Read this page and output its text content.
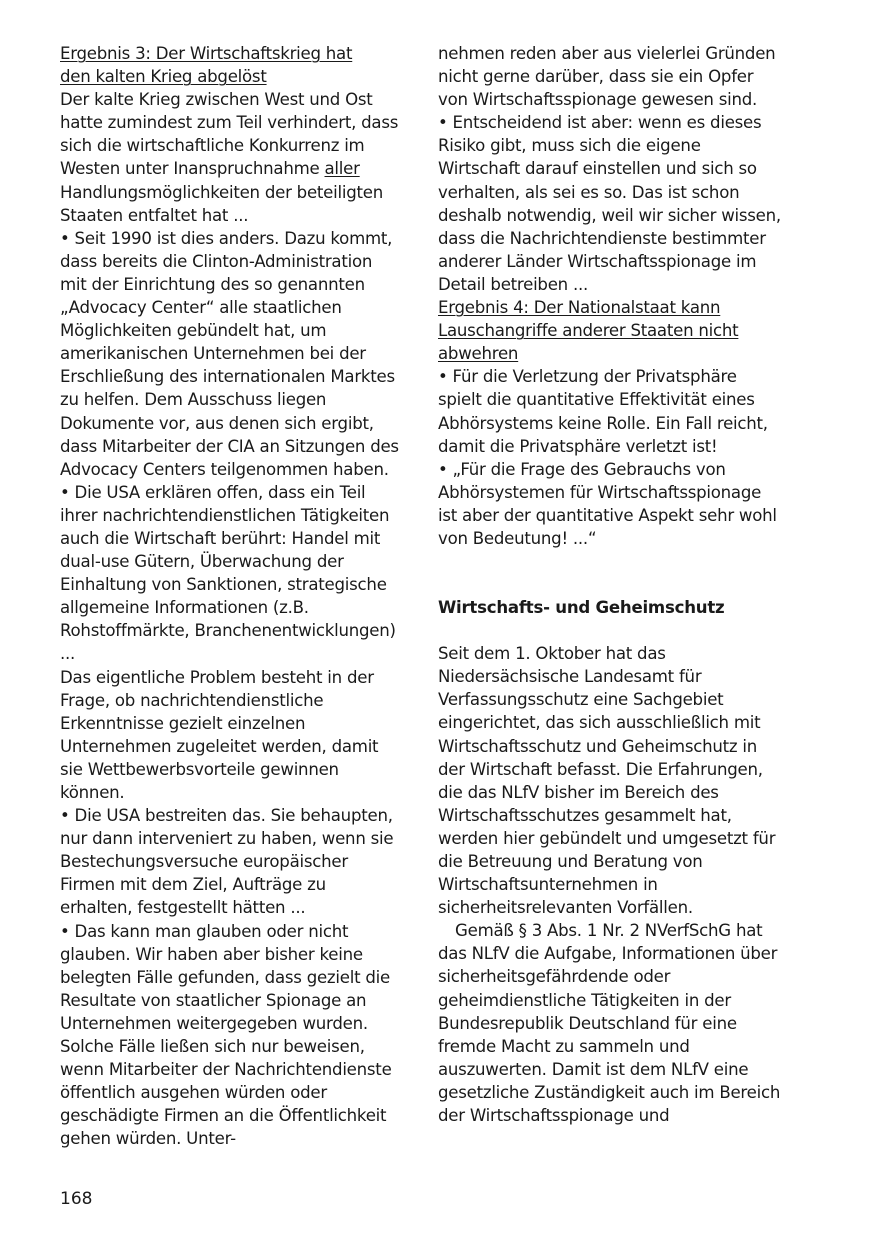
Ergebnis 3: Der Wirtschaftskrieg hat
den kalten Krieg abgelöst

Der kalte Krieg zwischen West und Ost hatte zumindest zum Teil verhindert, dass sich die wirtschaftliche Konkurrenz im Westen unter Inanspruchnahme aller Handlungsmöglichkeiten der beteiligten Staaten entfaltet hat ...

• Seit 1990 ist dies anders. Dazu kommt, dass bereits die Clinton-Administration mit der Einrichtung des so genannten „Advocacy Center“ alle staatlichen Möglichkeiten gebündelt hat, um amerikanischen Unternehmen bei der Erschließung des internationalen Marktes zu helfen. Dem Ausschuss liegen Dokumente vor, aus denen sich ergibt, dass Mitarbeiter der CIA an Sitzungen des Advocacy Centers teilgenommen haben.

• Die USA erklären offen, dass ein Teil ihrer nachrichtendienstlichen Tätigkeiten auch die Wirtschaft berührt: Handel mit dual-use Gütern, Überwachung der Einhaltung von Sanktionen, strategische allgemeine Informationen (z.B. Rohstoffmärkte, Branchenentwicklungen) ...

Das eigentliche Problem besteht in der Frage, ob nachrichtendienstliche Erkenntnisse gezielt einzelnen Unternehmen zugeleitet werden, damit sie Wettbewerbsvorteile gewinnen können.

• Die USA bestreiten das. Sie behaupten, nur dann interveniert zu haben, wenn sie Bestechungsversuche europäischer Firmen mit dem Ziel, Aufträge zu erhalten, festgestellt hätten ...

• Das kann man glauben oder nicht glauben. Wir haben aber bisher keine belegten Fälle gefunden, dass gezielt die Resultate von staatlicher Spionage an Unternehmen weitergegeben wurden. Solche Fälle ließen sich nur beweisen, wenn Mitarbeiter der Nachrichtendienste öffentlich ausgehen würden oder geschädigte Firmen an die Öffentlichkeit gehen würden. Unter-

nehmen reden aber aus vielerlei Gründen nicht gerne darüber, dass sie ein Opfer von Wirtschaftsspionage gewesen sind.

• Entscheidend ist aber: wenn es dieses Risiko gibt, muss sich die eigene Wirtschaft darauf einstellen und sich so verhalten, als sei es so. Das ist schon deshalb notwendig, weil wir sicher wissen, dass die Nachrichtendienste bestimmter anderer Länder Wirtschaftsspionage im Detail betreiben ...

Ergebnis 4: Der Nationalstaat kann
Lauschangriffe anderer Staaten nicht
abwehren

• Für die Verletzung der Privatsphäre spielt die quantitative Effektivität eines Abhörsystems keine Rolle. Ein Fall reicht, damit die Privatsphäre verletzt ist!

• „Für die Frage des Gebrauchs von Abhörsystemen für Wirtschaftsspionage ist aber der quantitative Aspekt sehr wohl von Bedeutung! ...“

Wirtschafts- und Geheimschutz

Seit dem 1. Oktober hat das Niedersächsische Landesamt für Verfassungsschutz eine Sachgebiet eingerichtet, das sich ausschließlich mit Wirtschaftsschutz und Geheimschutz in der Wirtschaft befasst. Die Erfahrungen, die das NLfV bisher im Bereich des Wirtschaftsschutzes gesammelt hat, werden hier gebündelt und umgesetzt für die Betreuung und Beratung von Wirtschaftsunternehmen in sicherheitsrelevanten Vorfällen.

Gemäß § 3 Abs. 1 Nr. 2 NVerfSchG hat das NLfV die Aufgabe, Informationen über sicherheitsgefährdende oder geheimdienstliche Tätigkeiten in der Bundesrepublik Deutschland für eine fremde Macht zu sammeln und auszuwerten. Damit ist dem NLfV eine gesetzliche Zuständigkeit auch im Bereich der Wirtschaftsspionage und

168
